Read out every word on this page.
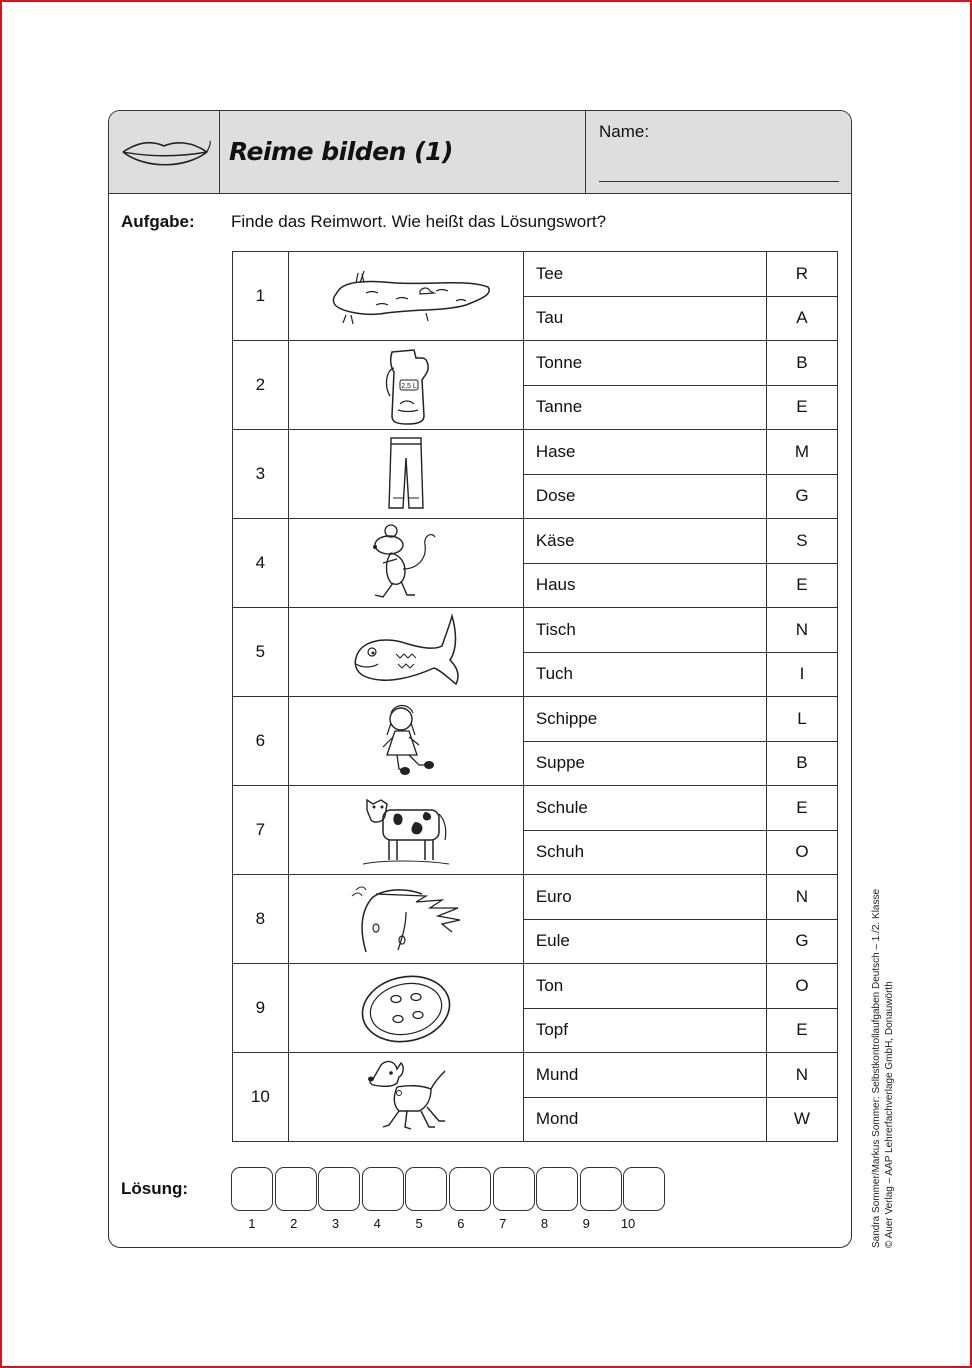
Reime bilden (1)
Name:
Aufgabe: Finde das Reimwort. Wie heißt das Lösungswort?
1		Tee	R
		Tau	A
2	2,5 L	Tonne	B
		Tanne	E
3		Hase	M
		Dose	G
4		Käse	S
		Haus	E
5		Tisch	N
		Tuch	I
6		Schippe	L
		Suppe	B
7		Schule	E
		Schuh	O
8		Euro	N
		Eule	G
9		Ton	O
		Topf	E
10		Mund	N
		Mond	W
Lösung:
1	2	3	4	5	6	7	8	9	10	Sandra Sommer/Markus Sommer: Selbstkontrollaufgaben Deutsch – 1./2. Klasse © Auer Verlag – AAP Lehrerfachverlage GmbH, Donauwörth
